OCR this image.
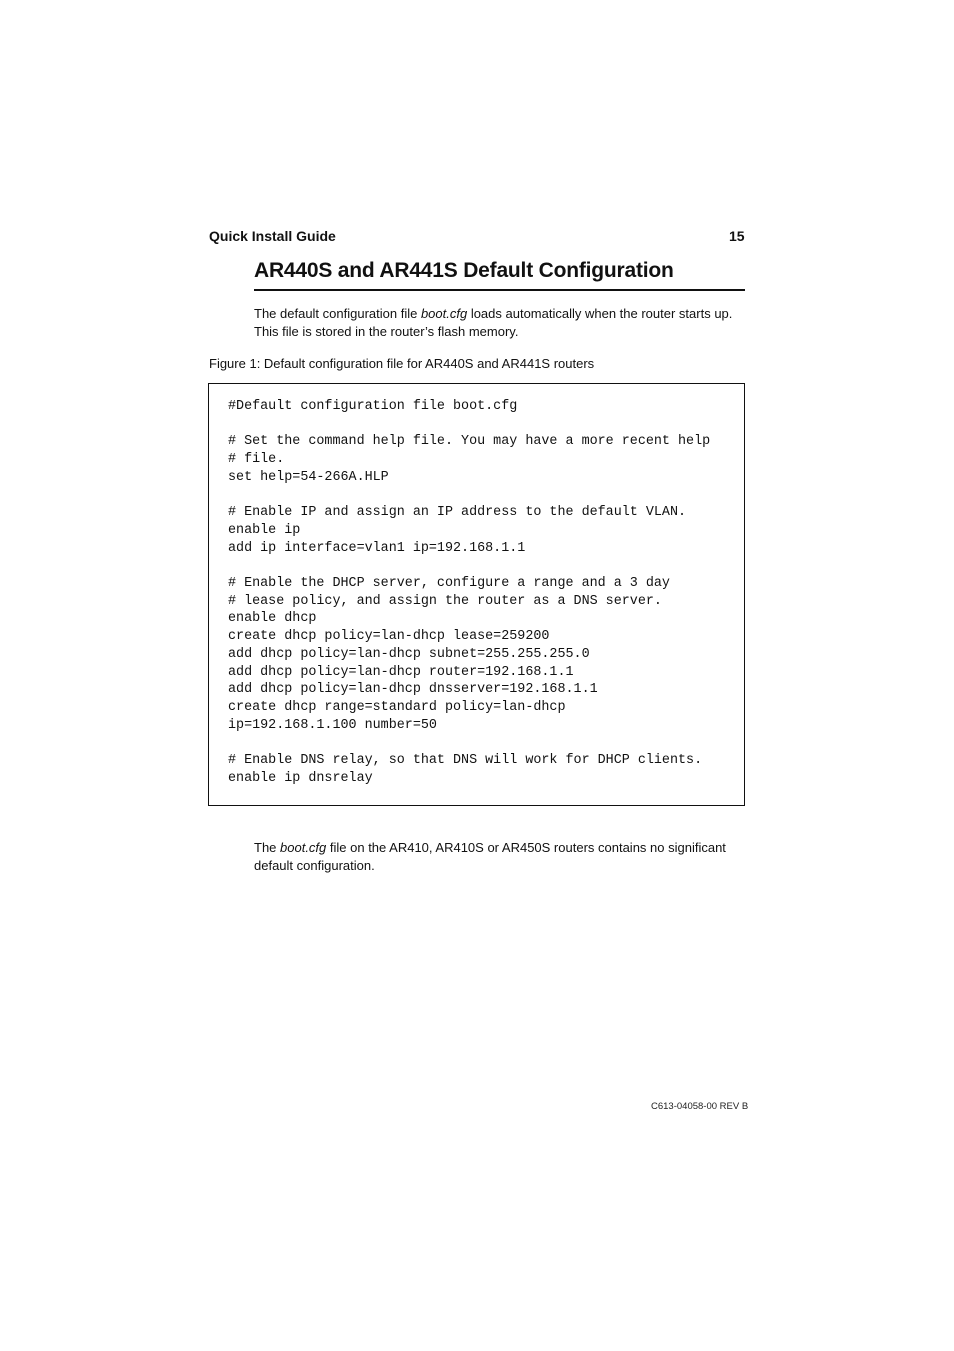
Quick Install Guide	15
AR440S and AR441S Default Configuration

The default configuration file boot.cfg loads automatically when the router starts up. This file is stored in the router’s flash memory.

Figure 1: Default configuration file for AR440S and AR441S routers
#Default configuration file boot.cfg

# Set the command help file. You may have a more recent help
# file.
set help=54-266A.HLP

# Enable IP and assign an IP address to the default VLAN.
enable ip
add ip interface=vlan1 ip=192.168.1.1

# Enable the DHCP server, configure a range and a 3 day
# lease policy, and assign the router as a DNS server.
enable dhcp
create dhcp policy=lan-dhcp lease=259200
add dhcp policy=lan-dhcp subnet=255.255.255.0
add dhcp policy=lan-dhcp router=192.168.1.1
add dhcp policy=lan-dhcp dnsserver=192.168.1.1
create dhcp range=standard policy=lan-dhcp
ip=192.168.1.100 number=50

# Enable DNS relay, so that DNS will work for DHCP clients.
enable ip dnsrelay

The boot.cfg file on the AR410, AR410S or AR450S routers contains no significant default configuration.

C613-04058-00 REV B
